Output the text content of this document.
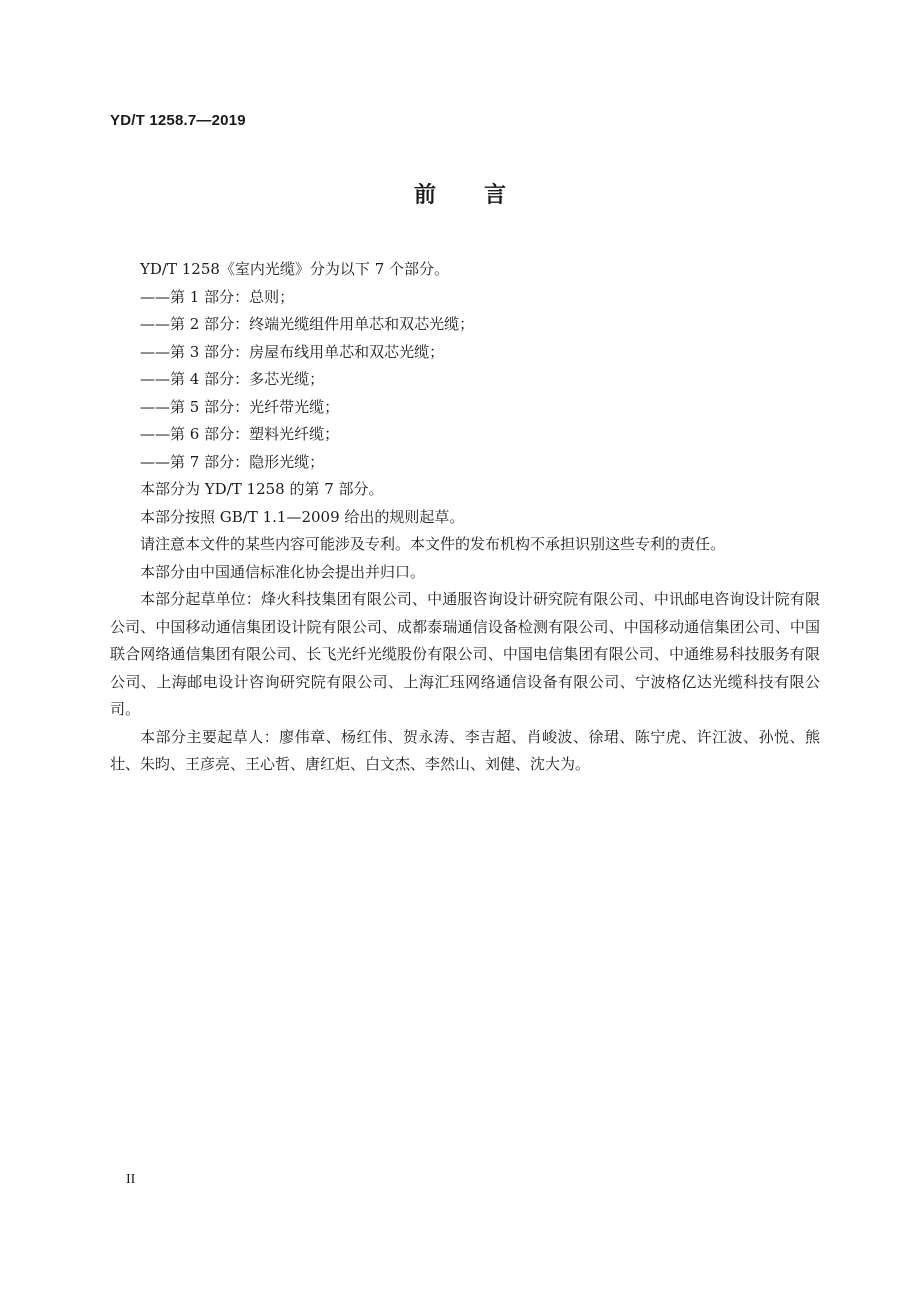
YD/T 1258.7—2019
前 言

YD/T 1258《室内光缆》分为以下 7 个部分。

——第 1 部分：总则；
——第 2 部分：终端光缆组件用单芯和双芯光缆；
——第 3 部分：房屋布线用单芯和双芯光缆；
——第 4 部分：多芯光缆；
——第 5 部分：光纤带光缆；
——第 6 部分：塑料光纤缆；
——第 7 部分：隐形光缆；

本部分为 YD/T 1258 的第 7 部分。

本部分按照 GB/T 1.1—2009 给出的规则起草。

请注意本文件的某些内容可能涉及专利。本文件的发布机构不承担识别这些专利的责任。

本部分由中国通信标准化协会提出并归口。

本部分起草单位：烽火科技集团有限公司、中通服咨询设计研究院有限公司、中讯邮电咨询设计院有限公司、中国移动通信集团设计院有限公司、成都泰瑞通信设备检测有限公司、中国移动通信集团公司、中国联合网络通信集团有限公司、长飞光纤光缆股份有限公司、中国电信集团有限公司、中通维易科技服务有限公司、上海邮电设计咨询研究院有限公司、上海汇珏网络通信设备有限公司、宁波格亿达光缆科技有限公司。

本部分主要起草人：廖伟章、杨红伟、贺永涛、李吉超、肖峻波、徐珺、陈宁虎、许江波、孙悦、熊壮、朱昀、王彦亮、王心哲、唐红炬、白文杰、李然山、刘健、沈大为。

II
